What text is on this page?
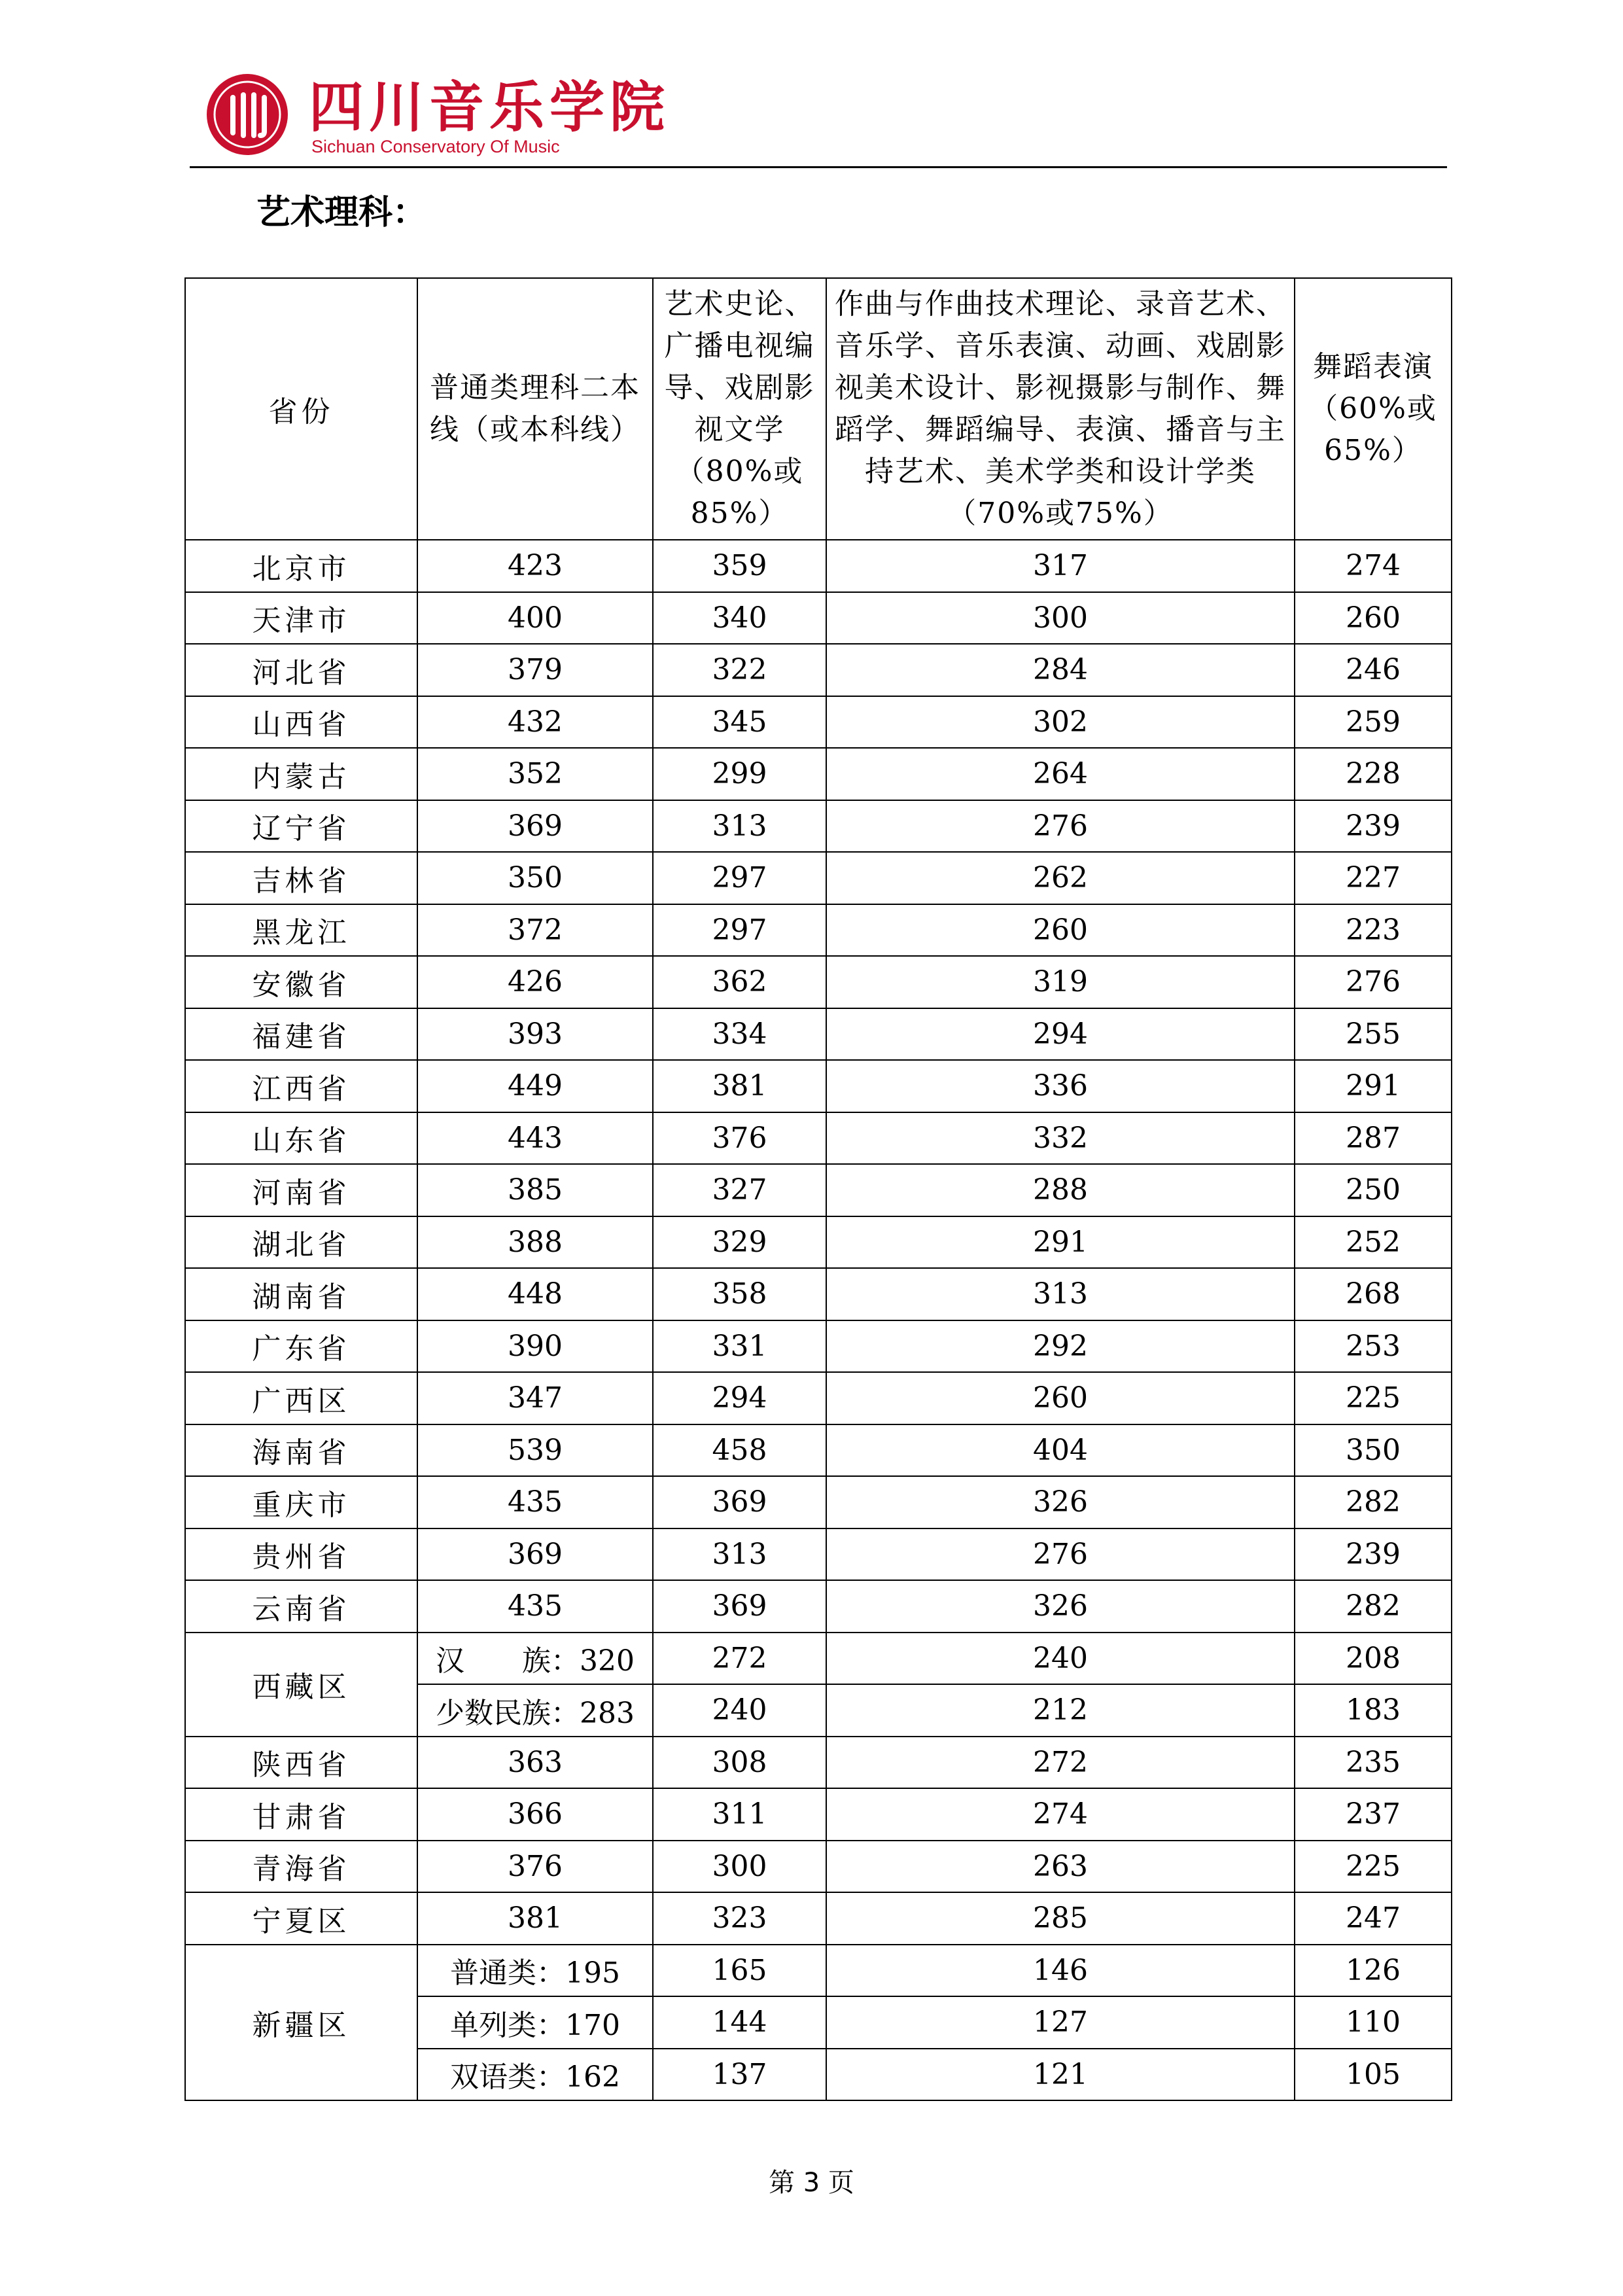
四川音乐学院
Sichuan Conservatory Of Music
艺术理科：
省份	普通类理科二本线（或本科线）	艺术史论、广播电视编导、戏剧影视文学（80%或85%）	作曲与作曲技术理论、录音艺术、音乐学、音乐表演、动画、戏剧影视美术设计、影视摄影与制作、舞蹈学、舞蹈编导、表演、播音与主持艺术、美术学类和设计学类（70%或75%）	舞蹈表演（60%或65%）
北京市	423	359	317	274
天津市	400	340	300	260
河北省	379	322	284	246
山西省	432	345	302	259
内蒙古	352	299	264	228
辽宁省	369	313	276	239
吉林省	350	297	262	227
黑龙江	372	297	260	223
安徽省	426	362	319	276
福建省	393	334	294	255
江西省	449	381	336	291
山东省	443	376	332	287
河南省	385	327	288	250
湖北省	388	329	291	252
湖南省	448	358	313	268
广东省	390	331	292	253
广西区	347	294	260	225
海南省	539	458	404	350
重庆市	435	369	326	282
贵州省	369	313	276	239
云南省	435	369	326	282
西藏区	汉　　族：320	272	240	208
	少数民族：283	240	212	183
陕西省	363	308	272	235
甘肃省	366	311	274	237
青海省	376	300	263	225
宁夏区	381	323	285	247
新疆区	普通类：195	165	146	126
	单列类：170	144	127	110
	双语类：162	137	121	105
第 3 页
